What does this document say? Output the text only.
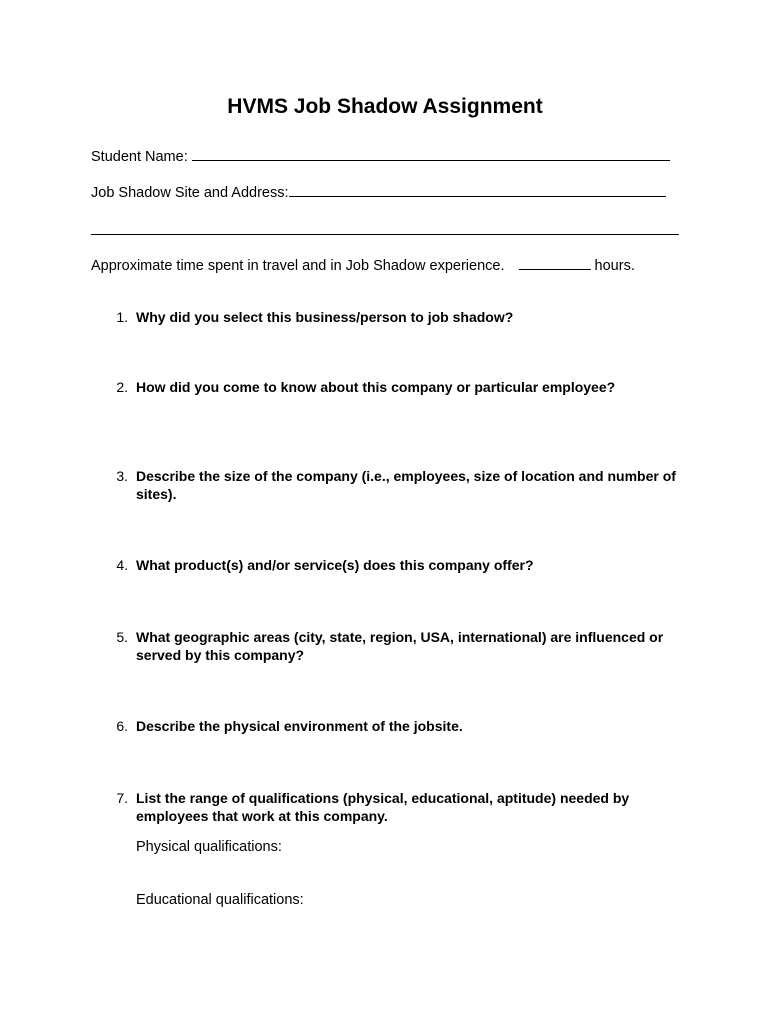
HVMS Job Shadow Assignment
Student Name:
Job Shadow Site and Address:
Approximate time spent in travel and in Job Shadow experience.	hours.
1. Why did you select this business/person to job shadow?
2. How did you come to know about this company or particular employee?
3. Describe the size of the company (i.e., employees, size of location and number of sites).
4. What product(s) and/or service(s) does this company offer?
5. What geographic areas (city, state, region, USA, international) are influenced or served by this company?
6. Describe the physical environment of the jobsite.
7. List the range of qualifications (physical, educational, aptitude) needed by employees that work at this company.
Physical qualifications:
Educational qualifications:
